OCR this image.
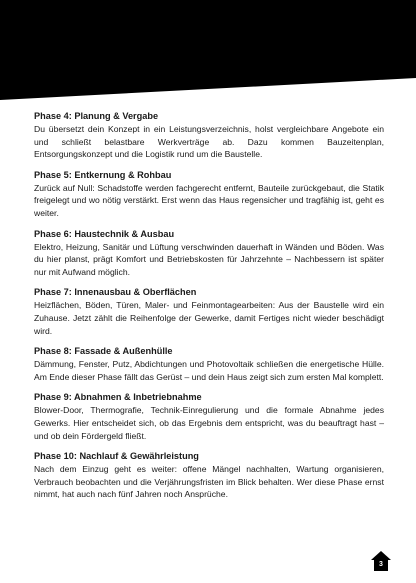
Phase 4: Planung & Vergabe

Du übersetzt dein Konzept in ein Leistungsverzeichnis, holst vergleichbare Angebote ein und schließt belastbare Werkverträge ab. Dazu kommen Bauzeitenplan, Entsorgungskonzept und die Logistik rund um die Baustelle.

Phase 5: Entkernung & Rohbau

Zurück auf Null: Schadstoffe werden fachgerecht entfernt, Bauteile zurückgebaut, die Statik freigelegt und wo nötig verstärkt. Erst wenn das Haus regensicher und tragfähig ist, geht es weiter.

Phase 6: Haustechnik & Ausbau

Elektro, Heizung, Sanitär und Lüftung verschwinden dauerhaft in Wänden und Böden. Was du hier planst, prägt Komfort und Betriebskosten für Jahrzehnte – Nachbessern ist später nur mit Aufwand möglich.

Phase 7: Innenausbau & Oberflächen

Heizflächen, Böden, Türen, Maler- und Feinmontagearbeiten: Aus der Baustelle wird ein Zuhause. Jetzt zählt die Reihenfolge der Gewerke, damit Fertiges nicht wieder beschädigt wird.

Phase 8: Fassade & Außenhülle

Dämmung, Fenster, Putz, Abdichtungen und Photovoltaik schließen die energetische Hülle. Am Ende dieser Phase fällt das Gerüst – und dein Haus zeigt sich zum ersten Mal komplett.

Phase 9: Abnahmen & Inbetriebnahme

Blower-Door, Thermografie, Technik-Einregulierung und die formale Abnahme jedes Gewerks. Hier entscheidet sich, ob das Ergebnis dem entspricht, was du beauftragt hast – und ob dein Fördergeld fließt.

Phase 10: Nachlauf & Gewährleistung

Nach dem Einzug geht es weiter: offene Mängel nachhalten, Wartung organisieren, Verbrauch beobachten und die Verjährungsfristen im Blick behalten. Wer diese Phase ernst nimmt, hat auch nach fünf Jahren noch Ansprüche.

3
